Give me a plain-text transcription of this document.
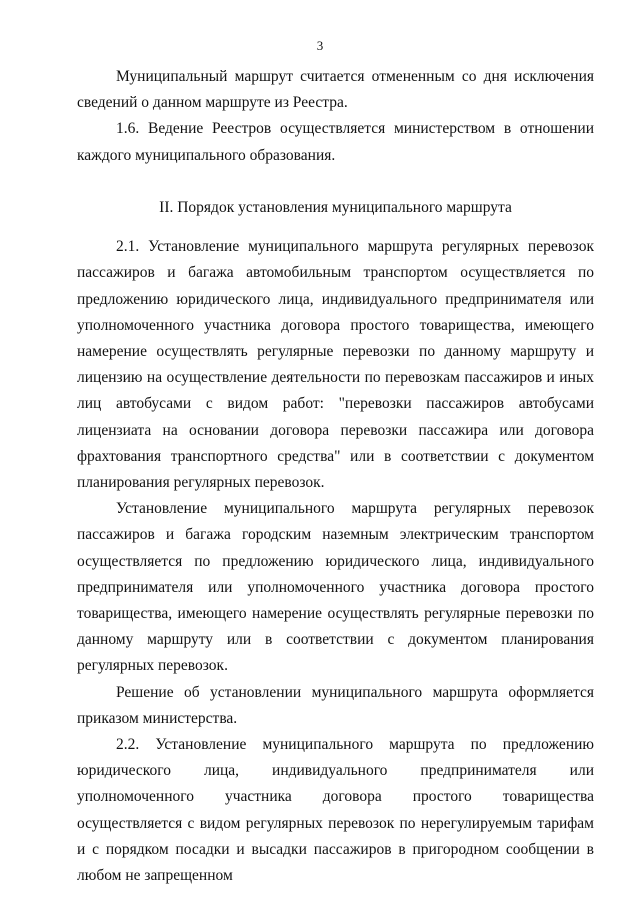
3

Муниципальный маршрут считается отмененным со дня исключения сведений о данном маршруте из Реестра.

1.6. Ведение Реестров осуществляется министерством в отношении каждого муниципального образования.

II. Порядок установления муниципального маршрута

2.1. Установление муниципального маршрута регулярных перевозок пассажиров и багажа автомобильным транспортом осуществляется по предложению юридического лица, индивидуального предпринимателя или уполномоченного участника договора простого товарищества, имеющего намерение осуществлять регулярные перевозки по данному маршруту и лицензию на осуществление деятельности по перевозкам пассажиров и иных лиц автобусами с видом работ: "перевозки пассажиров автобусами лицензиата на основании договора перевозки пассажира или договора фрахтования транспортного средства" или в соответствии с документом планирования регулярных перевозок.

Установление муниципального маршрута регулярных перевозок пассажиров и багажа городским наземным электрическим транспортом осуществляется по предложению юридического лица, индивидуального предпринимателя или уполномоченного участника договора простого товарищества, имеющего намерение осуществлять регулярные перевозки по данному маршруту или в соответствии с документом планирования регулярных перевозок.

Решение об установлении муниципального маршрута оформляется приказом министерства.

2.2. Установление муниципального маршрута по предложению юридического лица, индивидуального предпринимателя или уполномоченного участника договора простого товарищества осуществляется с видом регулярных перевозок по нерегулируемым тарифам и с порядком посадки и высадки пассажиров в пригородном сообщении в любом не запрещенном
